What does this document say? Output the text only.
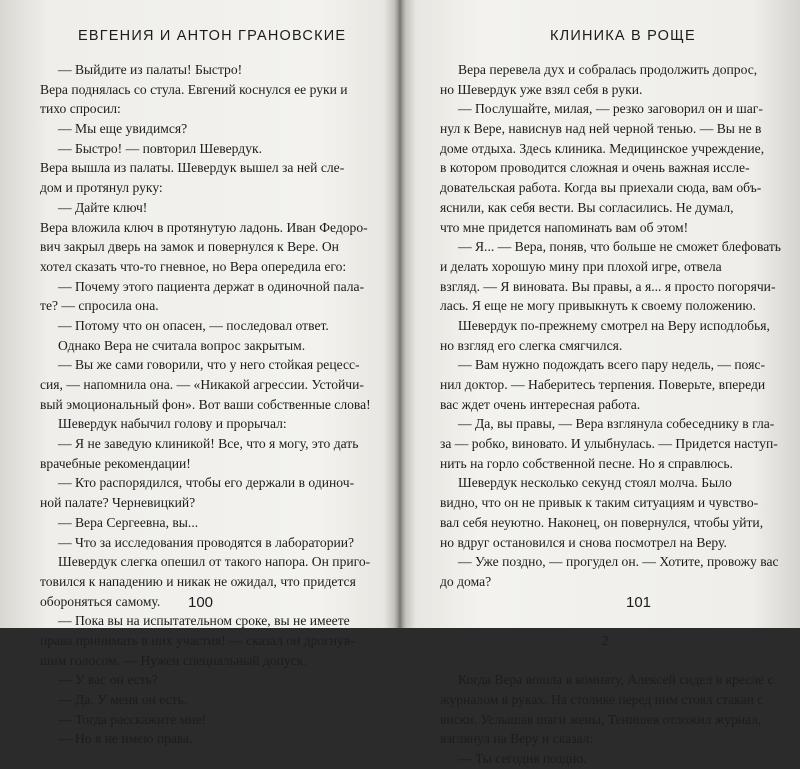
ЕВГЕНИЯ И АНТОН ГРАНОВСКИЕ
— Выйдите из палаты! Быстро!
Вера поднялась со стула. Евгений коснулся ее руки и
тихо спросил:
— Мы еще увидимся?
— Быстро! — повторил Шевердук.
Вера вышла из палаты. Шевердук вышел за ней сле-
дом и протянул руку:
— Дайте ключ!
Вера вложила ключ в протянутую ладонь. Иван Федоро-
вич закрыл дверь на замок и повернулся к Вере. Он
хотел сказать что-то гневное, но Вера опередила его:
— Почему этого пациента держат в одиночной пала-
те? — спросила она.
— Потому что он опасен, — последовал ответ.
Однако Вера не считала вопрос закрытым.
— Вы же сами говорили, что у него стойкая рецесс-
сия, — напомнила она. — «Никакой агрессии. Устойчи-
вый эмоциональный фон». Вот ваши собственные слова!
Шевердук набычил голову и прорычал:
— Я не заведую клиникой! Все, что я могу, это дать
врачебные рекомендации!
— Кто распорядился, чтобы его держали в одиноч-
ной палате? Черневицкий?
— Вера Сергеевна, вы...
— Что за исследования проводятся в лаборатории?
Шевердук слегка опешил от такого напора. Он приго-
товился к нападению и никак не ожидал, что придется
обороняться самому.
— Пока вы на испытательном сроке, вы не имеете
права принимать в них участия! — сказал он дрогнув-
шим голосом. — Нужен специальный допуск.
— У вас он есть?
— Да. У меня он есть.
— Тогда расскажите мне!
— Но я не имею права.
100
КЛИНИКА В РОЩЕ
Вера перевела дух и собралась продолжить допрос,
но Шевердук уже взял себя в руки.
— Послушайте, милая, — резко заговорил он и шаг-
нул к Вере, нависнув над ней черной тенью. — Вы не в
доме отдыха. Здесь клиника. Медицинское учреждение,
в котором проводится сложная и очень важная иссле-
довательская работа. Когда вы приехали сюда, вам объ-
яснили, как себя вести. Вы согласились. Не думал,
что мне придется напоминать вам об этом!
— Я... — Вера, поняв, что больше не сможет блефовать
и делать хорошую мину при плохой игре, отвела
взгляд. — Я виновата. Вы правы, а я... я просто погорячи-
лась. Я еще не могу привыкнуть к своему положению.
Шевердук по-прежнему смотрел на Веру исподлобья,
но взгляд его слегка смягчился.
— Вам нужно подождать всего пару недель, — пояс-
нил доктор. — Наберитесь терпения. Поверьте, впереди
вас ждет очень интересная работа.
— Да, вы правы, — Вера взглянула собеседнику в гла-
за — робко, виновато. И улыбнулась. — Придется наступ-
нить на горло собственной песне. Но я справлюсь.
Шевердук несколько секунд стоял молча. Было
видно, что он не привык к таким ситуациям и чувство-
вал себя неуютно. Наконец, он повернулся, чтобы уйти,
но вдруг остановился и снова посмотрел на Веру.
— Уже поздно, — прогудел он. — Хотите, провожу вас
до дома?
2
Когда Вера вошла в комнату, Алексей сидел в кресле с
журналом в руках. На столике перед ним стоял стакан с
виски. Услышав шаги жены, Тенишев отложил журнал,
взглянул на Веру и сказал:
— Ты сегодня поздно.
101
